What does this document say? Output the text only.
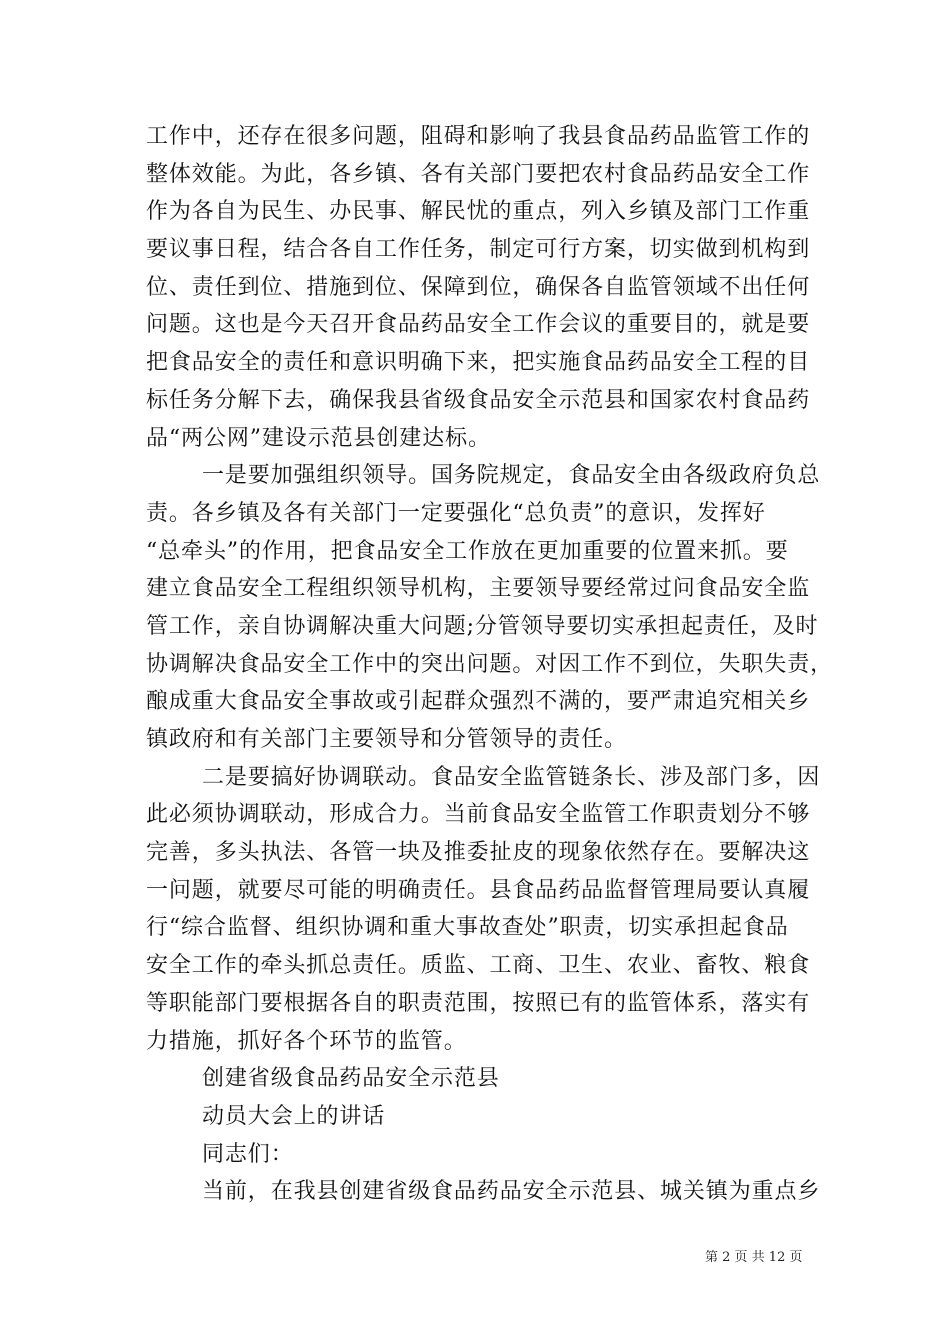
工作中，还存在很多问题，阻碍和影响了我县食品药品监管工作的
整体效能。为此，各乡镇、各有关部门要把农村食品药品安全工作
作为各自为民生、办民事、解民忧的重点，列入乡镇及部门工作重
要议事日程，结合各自工作任务，制定可行方案，切实做到机构到
位、责任到位、措施到位、保障到位，确保各自监管领域不出任何
问题。这也是今天召开食品药品安全工作会议的重要目的，就是要
把食品安全的责任和意识明确下来，把实施食品药品安全工程的目
标任务分解下去，确保我县省级食品安全示范县和国家农村食品药
品“两公网”建设示范县创建达标。
一是要加强组织领导。国务院规定，食品安全由各级政府负总
责。各乡镇及各有关部门一定要强化“总负责”的意识，发挥好
“总牵头”的作用，把食品安全工作放在更加重要的位置来抓。要
建立食品安全工程组织领导机构，主要领导要经常过问食品安全监
管工作，亲自协调解决重大问题;分管领导要切实承担起责任，及时
协调解决食品安全工作中的突出问题。对因工作不到位，失职失责，
酿成重大食品安全事故或引起群众强烈不满的，要严肃追究相关乡
镇政府和有关部门主要领导和分管领导的责任。
二是要搞好协调联动。食品安全监管链条长、涉及部门多，因
此必须协调联动，形成合力。当前食品安全监管工作职责划分不够
完善，多头执法、各管一块及推委扯皮的现象依然存在。要解决这
一问题，就要尽可能的明确责任。县食品药品监督管理局要认真履
行“综合监督、组织协调和重大事故查处”职责，切实承担起食品
安全工作的牵头抓总责任。质监、工商、卫生、农业、畜牧、粮食
等职能部门要根据各自的职责范围，按照已有的监管体系，落实有
力措施，抓好各个环节的监管。
创建省级食品药品安全示范县
动员大会上的讲话
同志们：
当前，在我县创建省级食品药品安全示范县、城关镇为重点乡
第 2 页 共 12 页
